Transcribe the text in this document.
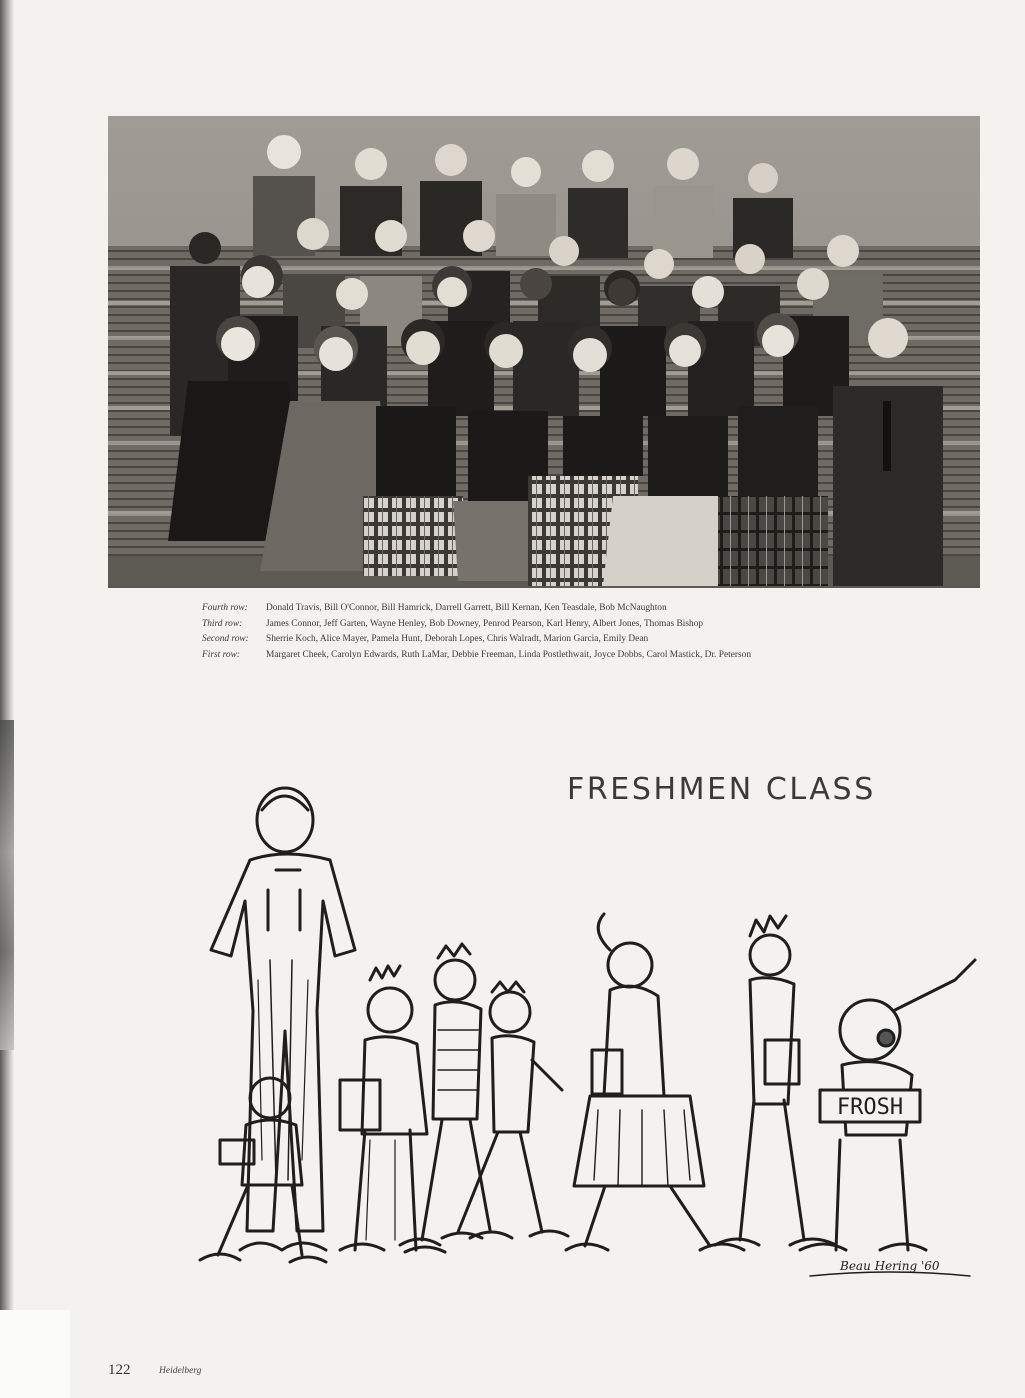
Fourth row:	Donald Travis, Bill O'Connor, Bill Hamrick, Darrell Garrett, Bill Kernan, Ken Teasdale, Bob McNaughton
Third row:	James Connor, Jeff Garten, Wayne Henley, Bob Downey, Penrod Pearson, Karl Henry, Albert Jones, Thomas Bishop
Second row:	Sherrie Koch, Alice Mayer, Pamela Hunt, Deborah Lopes, Chris Walradt, Marion Garcia, Emily Dean
First row:	Margaret Cheek, Carolyn Edwards, Ruth LaMar, Debbie Freeman, Linda Postlethwait, Joyce Dobbs, Carol Mastick, Dr. Peterson
FRESHMEN CLASS
FROSH
Beau Hering '60
122	Heidelberg
